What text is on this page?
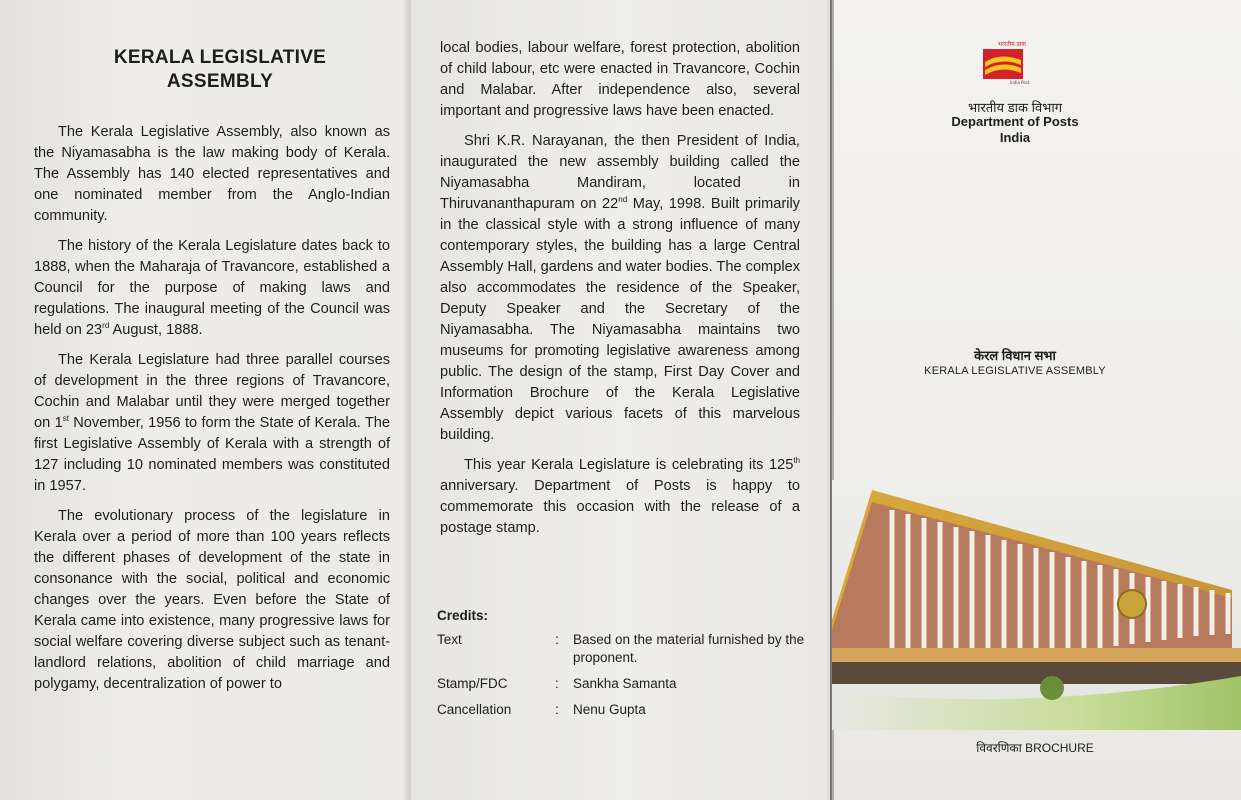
KERALA LEGISLATIVE
ASSEMBLY

The Kerala Legislative Assembly, also known as the Niyamasabha is the law making body of Kerala. The Assembly has 140 elected representatives and one nominated member from the Anglo-Indian community.

The history of the Kerala Legislature dates back to 1888, when the Maharaja of Travancore, established a Council for the purpose of making laws and regulations. The inaugural meeting of the Council was held on 23rd August, 1888.

The Kerala Legislature had three parallel courses of development in the three regions of Travancore, Cochin and Malabar until they were merged together on 1st November, 1956 to form the State of Kerala. The first Legislative Assembly of Kerala with a strength of 127 including 10 nominated members was constituted in 1957.

The evolutionary process of the legislature in Kerala over a period of more than 100 years reflects the different phases of development of the state in consonance with the social, political and economic changes over the years. Even before the State of Kerala came into existence, many progressive laws for social welfare covering diverse subject such as tenant-landlord relations, abolition of child marriage and polygamy, decentralization of power to

local bodies, labour welfare, forest protection, abolition of child labour, etc were enacted in Travancore, Cochin and Malabar. After independence also, several important and progressive laws have been enacted.

Shri K.R. Narayanan, the then President of India, inaugurated the new assembly building called the Niyamasabha Mandiram, located in Thiruvananthapuram on 22nd May, 1998. Built primarily in the classical style with a strong influence of many contemporary styles, the building has a large Central Assembly Hall, gardens and water bodies. The complex also accommodates the residence of the Speaker, Deputy Speaker and the Secretary of the Niyamasabha. The Niyamasabha maintains two museums for promoting legislative awareness among public. The design of the stamp, First Day Cover and Information Brochure of the Kerala Legislative Assembly depict various facets of this marvelous building.

This year Kerala Legislature is celebrating its 125th anniversary. Department of Posts is happy to commemorate this occasion with the release of a postage stamp.

Credits:
Text	:	Based on the material furnished by the proponent.
Stamp/FDC	:	Sankha Samanta
Cancellation	:	Nenu Gupta
भारतीय डाक
India Post
भारतीय डाक विभाग
Department of Posts
India
केरल विधान सभा
KERALA LEGISLATIVE ASSEMBLY
विवरणिका BROCHURE
